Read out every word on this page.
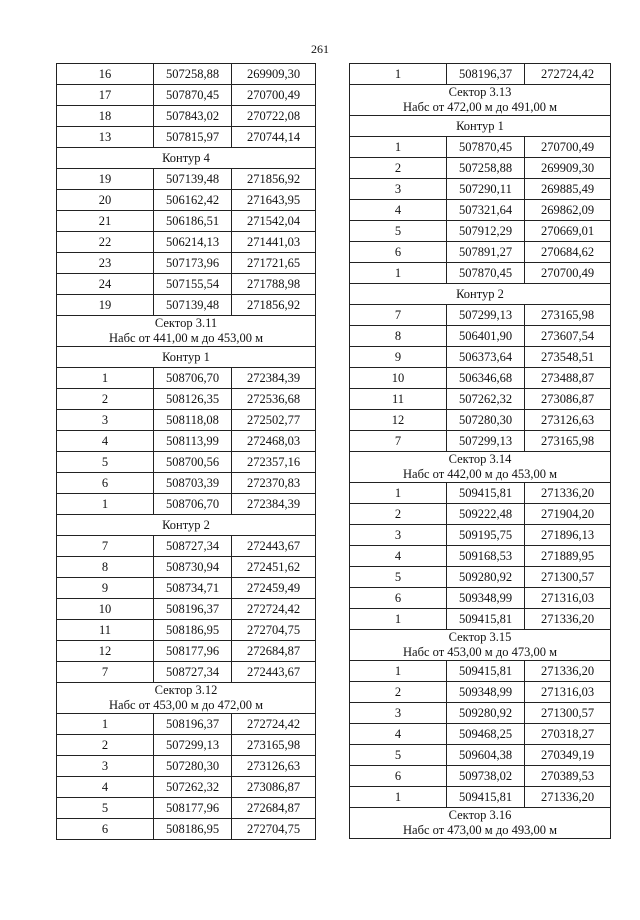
261
16	507258,88	269909,30
17	507870,45	270700,49
18	507843,02	270722,08
13	507815,97	270744,14

Контур 4		

19	507139,48	271856,92
20	506162,42	271643,95
21	506186,51	271542,04
22	506214,13	271441,03
23	507173,96	271721,65
24	507155,54	271788,98
19	507139,48	271856,92

Сектор 3.11
Набс от 441,00 м до 453,00 м		

Контур 1		

1	508706,70	272384,39
2	508126,35	272536,68
3	508118,08	272502,77
4	508113,99	272468,03
5	508700,56	272357,16
6	508703,39	272370,83
1	508706,70	272384,39

Контур 2		

7	508727,34	272443,67
8	508730,94	272451,62
9	508734,71	272459,49
10	508196,37	272724,42
11	508186,95	272704,75
12	508177,96	272684,87
7	508727,34	272443,67

Сектор 3.12
Набс от 453,00 м до 472,00 м		

1	508196,37	272724,42
2	507299,13	273165,98
3	507280,30	273126,63
4	507262,32	273086,87
5	508177,96	272684,87
6	508186,95	272704,75
1	508196,37	272724,42

Сектор 3.13
Набс от 472,00 м до 491,00 м		

Контур 1		

1	507870,45	270700,49
2	507258,88	269909,30
3	507290,11	269885,49
4	507321,64	269862,09
5	507912,29	270669,01
6	507891,27	270684,62
1	507870,45	270700,49

Контур 2		

7	507299,13	273165,98
8	506401,90	273607,54
9	506373,64	273548,51
10	506346,68	273488,87
11	507262,32	273086,87
12	507280,30	273126,63
7	507299,13	273165,98

Сектор 3.14
Набс от 442,00 м до 453,00 м		

1	509415,81	271336,20
2	509222,48	271904,20
3	509195,75	271896,13
4	509168,53	271889,95
5	509280,92	271300,57
6	509348,99	271316,03
1	509415,81	271336,20

Сектор 3.15
Набс от 453,00 м до 473,00 м		

1	509415,81	271336,20
2	509348,99	271316,03
3	509280,92	271300,57
4	509468,25	270318,27
5	509604,38	270349,19
6	509738,02	270389,53
1	509415,81	271336,20

Сектор 3.16
Набс от 473,00 м до 493,00 м		
